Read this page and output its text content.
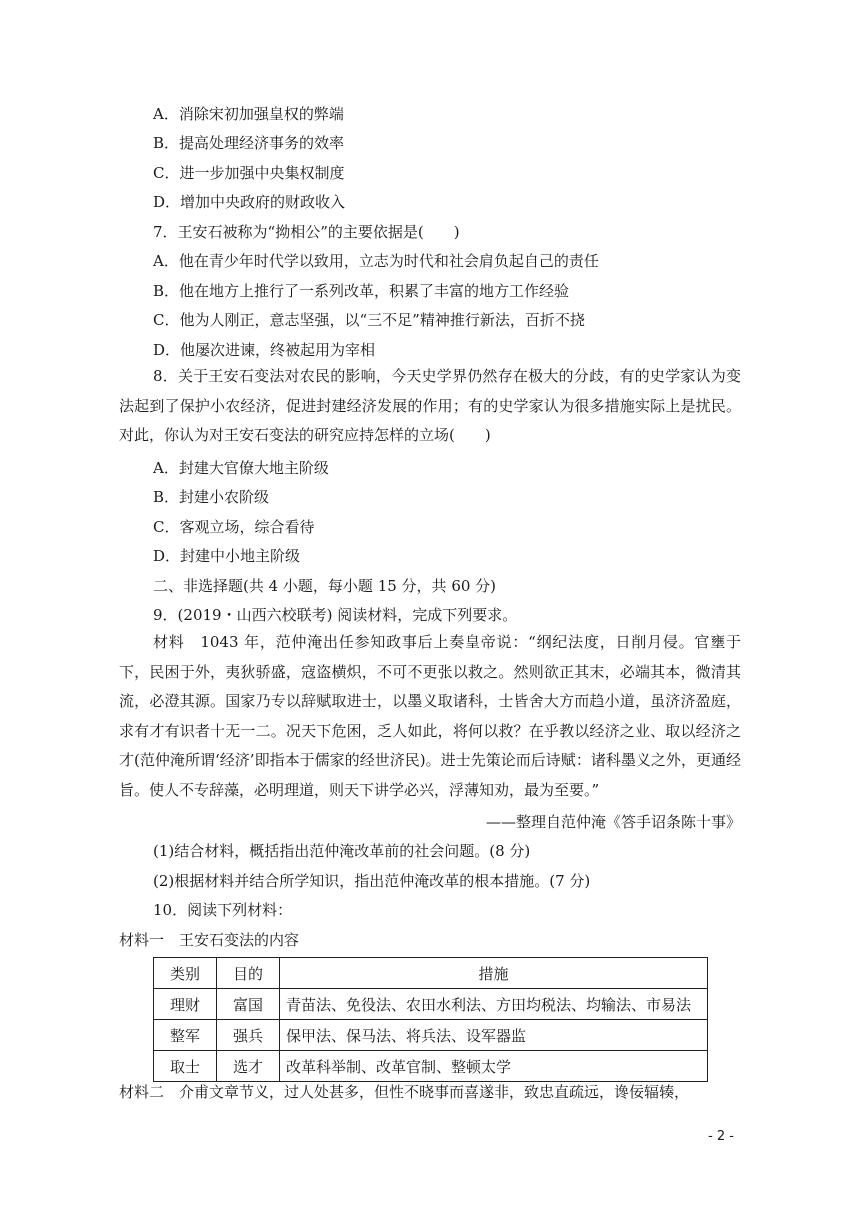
A．消除宋初加强皇权的弊端
B．提高处理经济事务的效率
C．进一步加强中央集权制度
D．增加中央政府的财政收入
7．王安石被称为“拗相公”的主要依据是(　　)
A．他在青少年时代学以致用，立志为时代和社会肩负起自己的责任
B．他在地方上推行了一系列改革，积累了丰富的地方工作经验
C．他为人刚正，意志坚强，以“三不足”精神推行新法，百折不挠
D．他屡次进谏，终被起用为宰相
8．关于王安石变法对农民的影响，今天史学界仍然存在极大的分歧，有的史学家认为变法起到了保护小农经济，促进封建经济发展的作用；有的史学家认为很多措施实际上是扰民。对此，你认为对王安石变法的研究应持怎样的立场(　　)
A．封建大官僚大地主阶级
B．封建小农阶级
C．客观立场，综合看待
D．封建中小地主阶级
二、非选择题(共 4 小题，每小题 15 分，共 60 分)
9．(2019・山西六校联考) 阅读材料，完成下列要求。
材料　1043 年，范仲淹出任参知政事后上奏皇帝说：“纲纪法度，日削月侵。官壅于下，民困于外，夷狄骄盛，寇盗横炽，不可不更张以救之。然则欲正其末，必端其本，微清其流，必澄其源。国家乃专以辞赋取进士，以墨义取诸科，士皆舍大方而趋小道，虽济济盈庭，求有才有识者十无一二。况天下危困，乏人如此，将何以救？在乎教以经济之业、取以经济之才(范仲淹所谓‘经济’即指本于儒家的经世济民)。进士先策论而后诗赋：诸科墨义之外，更通经旨。使人不专辞藻，必明理道，则天下讲学必兴，浮薄知劝，最为至要。”
——整理自范仲淹《答手诏条陈十事》
(1)结合材料，概括指出范仲淹改革前的社会问题。(8 分)
(2)根据材料并结合所学知识，指出范仲淹改革的根本措施。(7 分)
10．阅读下列材料：
材料一　王安石变法的内容
类别	目的	措施
理财	富国	青苗法、免役法、农田水利法、方田均税法、均输法、市易法
整军	强兵	保甲法、保马法、将兵法、设军器监
取士	选才	改革科举制、改革官制、整顿太学
材料二　介甫文章节义，过人处甚多，但性不晓事而喜遂非，致忠直疏远，谗佞辐辏，
- 2 -
